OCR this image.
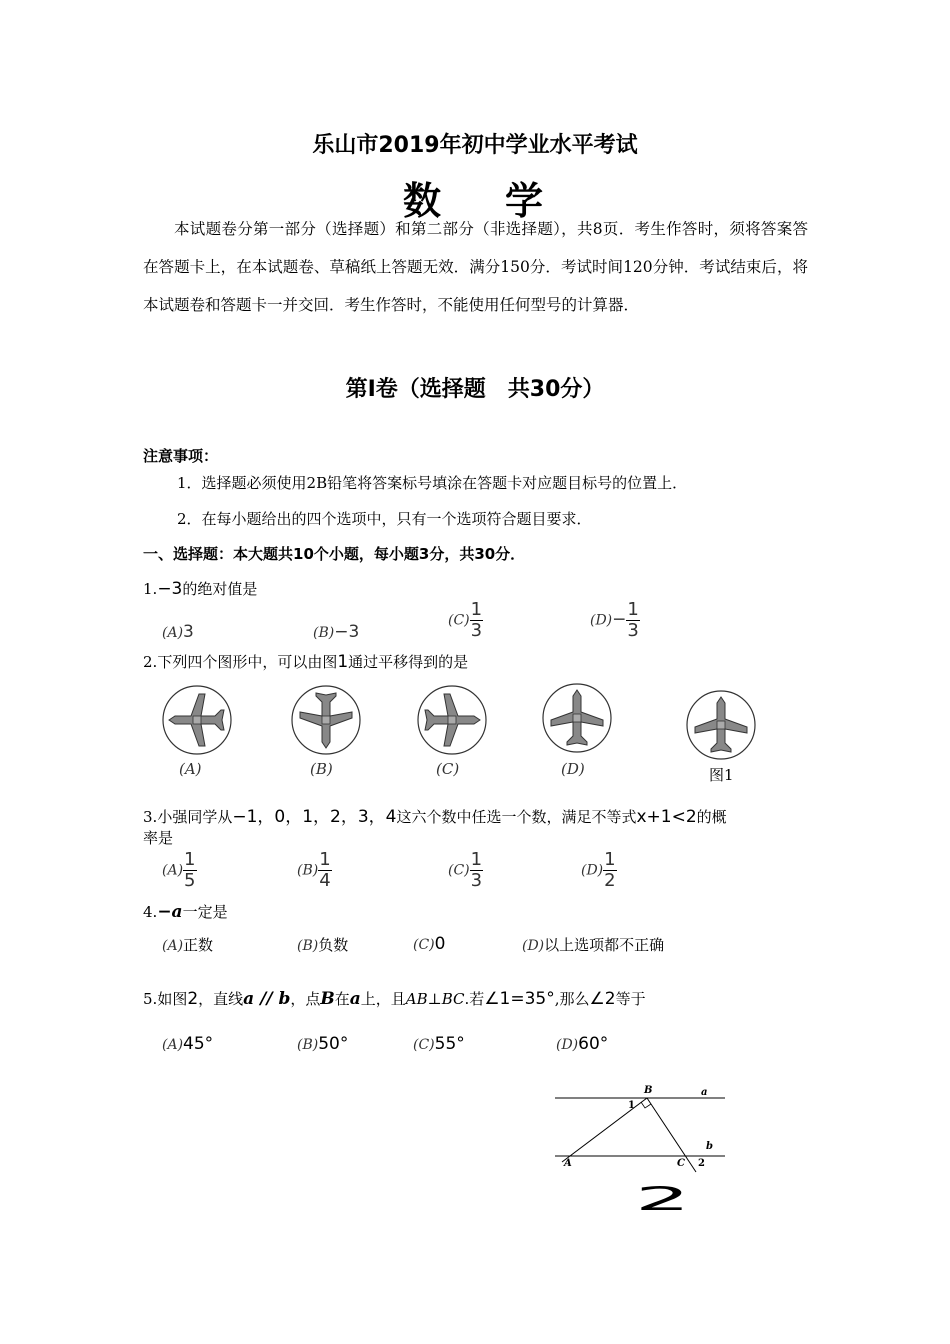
乐山市2019年初中学业水平考试
数 学

本试题卷分第一部分（选择题）和第二部分（非选择题），共8页．考生作答时，须将答案答在答题卡上，在本试题卷、草稿纸上答题无效．满分150分．考试时间120分钟．考试结束后，将本试题卷和答题卡一并交回．考生作答时，不能使用任何型号的计算器．

第Ⅰ卷（选择题　共30分）
注意事项：
1．选择题必须使用2B铅笔将答案标号填涂在答题卡对应题目标号的位置上．
2．在每小题给出的四个选项中，只有一个选项符合题目要求．
一、选择题：本大题共10个小题，每小题3分，共30分．
1.−3的绝对值是
(A)3	(B)−3
$(C) \frac{1}{3}$	$(D)- \frac{1}{3}$
2.下列四个图形中，可以由图1通过平移得到的是
(A)	(B)	(C)	(D)	图1
3.小强同学从−1，0，1，2，3，4这六个数中任选一个数，满足不等式x+1<2的概
率是
$(A) \frac{1}{5}$	$(B) \frac{1}{4}$	$(C) \frac{1}{3}$	$(D) \frac{1}{2}$
4.−a一定是
(A)正数	(B)负数	(C)0	(D)以上选项都不正确
5.如图2，直线a // b，点B在a上，且AB⊥BC.若∠1=35°,那么∠2等于
(A)45°	(B)50°	(C)55°	(D)60°
B	a
1
b
A	C 2
2
